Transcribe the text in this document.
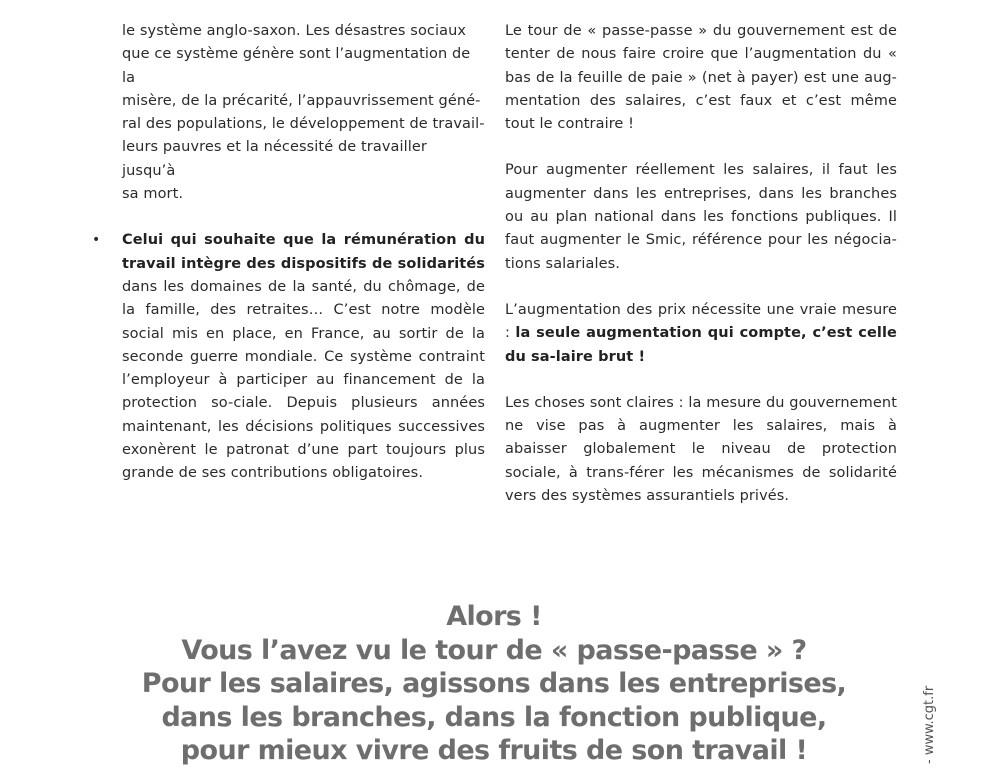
le système anglo-saxon. Les désastres sociaux
que ce système génère sont l’augmentation de la
misère, de la précarité, l’appauvrissement géné-
ral des populations, le développement de travail-
leurs pauvres et la nécessité de travailler jusqu’à
sa mort.

• Celui qui souhaite que la rémunération du travail intègre des dispositifs de solidarités dans les domaines de la santé, du chômage, de la famille, des retraites… C’est notre modèle social mis en place, en France, au sortir de la seconde guerre mondiale. Ce système contraint l’employeur à participer au financement de la protection so-ciale. Depuis plusieurs années maintenant, les décisions politiques successives exonèrent le patronat d’une part toujours plus grande de ses contributions obligatoires.

Le tour de « passe-passe » du gouvernement est de tenter de nous faire croire que l’augmentation du « bas de la feuille de paie » (net à payer) est une aug-mentation des salaires, c’est faux et c’est même tout le contraire !

Pour augmenter réellement les salaires, il faut les augmenter dans les entreprises, dans les branches ou au plan national dans les fonctions publiques. Il faut augmenter le Smic, référence pour les négocia-tions salariales.

L’augmentation des prix nécessite une vraie mesure : la seule augmentation qui compte, c’est celle du sa-laire brut !

Les choses sont claires : la mesure du gouvernement ne vise pas à augmenter les salaires, mais à abaisser globalement le niveau de protection sociale, à trans-férer les mécanismes de solidarité vers des systèmes assurantiels privés.

Alors !
Vous l’avez vu le tour de « passe-passe » ?
Pour les salaires, agissons dans les entreprises,
dans les branches, dans la fonction publique,
pour mieux vivre des fruits de son travail !	- www.cgt.fr
